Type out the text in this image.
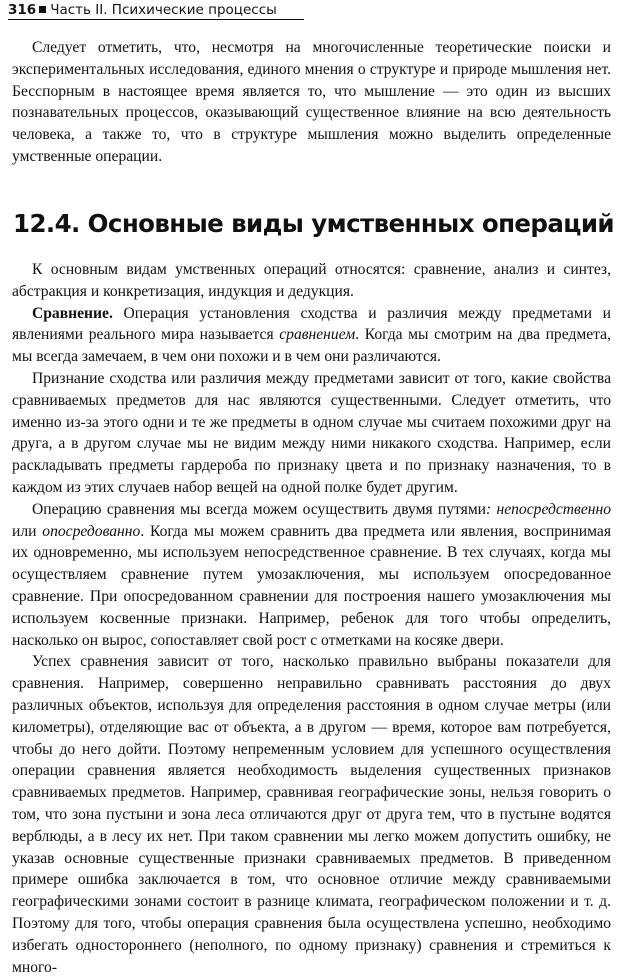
316 Часть II. Психические процессы

Следует отметить, что, несмотря на многочисленные теоретические поиски и экспериментальных исследования, единого мнения о структуре и природе мышления нет. Бесспорным в настоящее время является то, что мышление — это один из высших познавательных процессов, оказывающий существенное влияние на всю деятельность человека, а также то, что в структуре мышления можно выделить определенные умственные операции.

12.4. Основные виды умственных операций

К основным видам умственных операций относятся: сравнение, анализ и синтез, абстракция и конкретизация, индукция и дедукция.

Сравнение. Операция установления сходства и различия между предметами и явлениями реального мира называется сравнением. Когда мы смотрим на два предмета, мы всегда замечаем, в чем они похожи и в чем они различаются.

Признание сходства или различия между предметами зависит от того, какие свойства сравниваемых предметов для нас являются существенными. Следует отметить, что именно из-за этого одни и те же предметы в одном случае мы считаем похожими друг на друга, а в другом случае мы не видим между ними никакого сходства. Например, если раскладывать предметы гардероба по признаку цвета и по признаку назначения, то в каждом из этих случаев набор вещей на одной полке будет другим.

Операцию сравнения мы всегда можем осуществить двумя путями: непосредственно или опосредованно. Когда мы можем сравнить два предмета или явления, воспринимая их одновременно, мы используем непосредственное сравнение. В тех случаях, когда мы осуществляем сравнение путем умозаключения, мы используем опосредованное сравнение. При опосредованном сравнении для построения нашего умозаключения мы используем косвенные признаки. Например, ребенок для того чтобы определить, насколько он вырос, сопоставляет свой рост с отметками на косяке двери.

Успех сравнения зависит от того, насколько правильно выбраны показатели для сравнения. Например, совершенно неправильно сравнивать расстояния до двух различных объектов, используя для определения расстояния в одном случае метры (или километры), отделяющие вас от объекта, а в другом — время, которое вам потребуется, чтобы до него дойти. Поэтому непременным условием для успешного осуществления операции сравнения является необходимость выделения существенных признаков сравниваемых предметов. Например, сравнивая географические зоны, нельзя говорить о том, что зона пустыни и зона леса отличаются друг от друга тем, что в пустыне водятся верблюды, а в лесу их нет. При таком сравнении мы легко можем допустить ошибку, не указав основные существенные признаки сравниваемых предметов. В приведенном примере ошибка заключается в том, что основное отличие между сравниваемыми географическими зонами состоит в разнице климата, географическом положении и т. д. Поэтому для того, чтобы операция сравнения была осуществлена успешно, необходимо избегать одностороннего (неполного, по одному признаку) сравнения и стремиться к много-
